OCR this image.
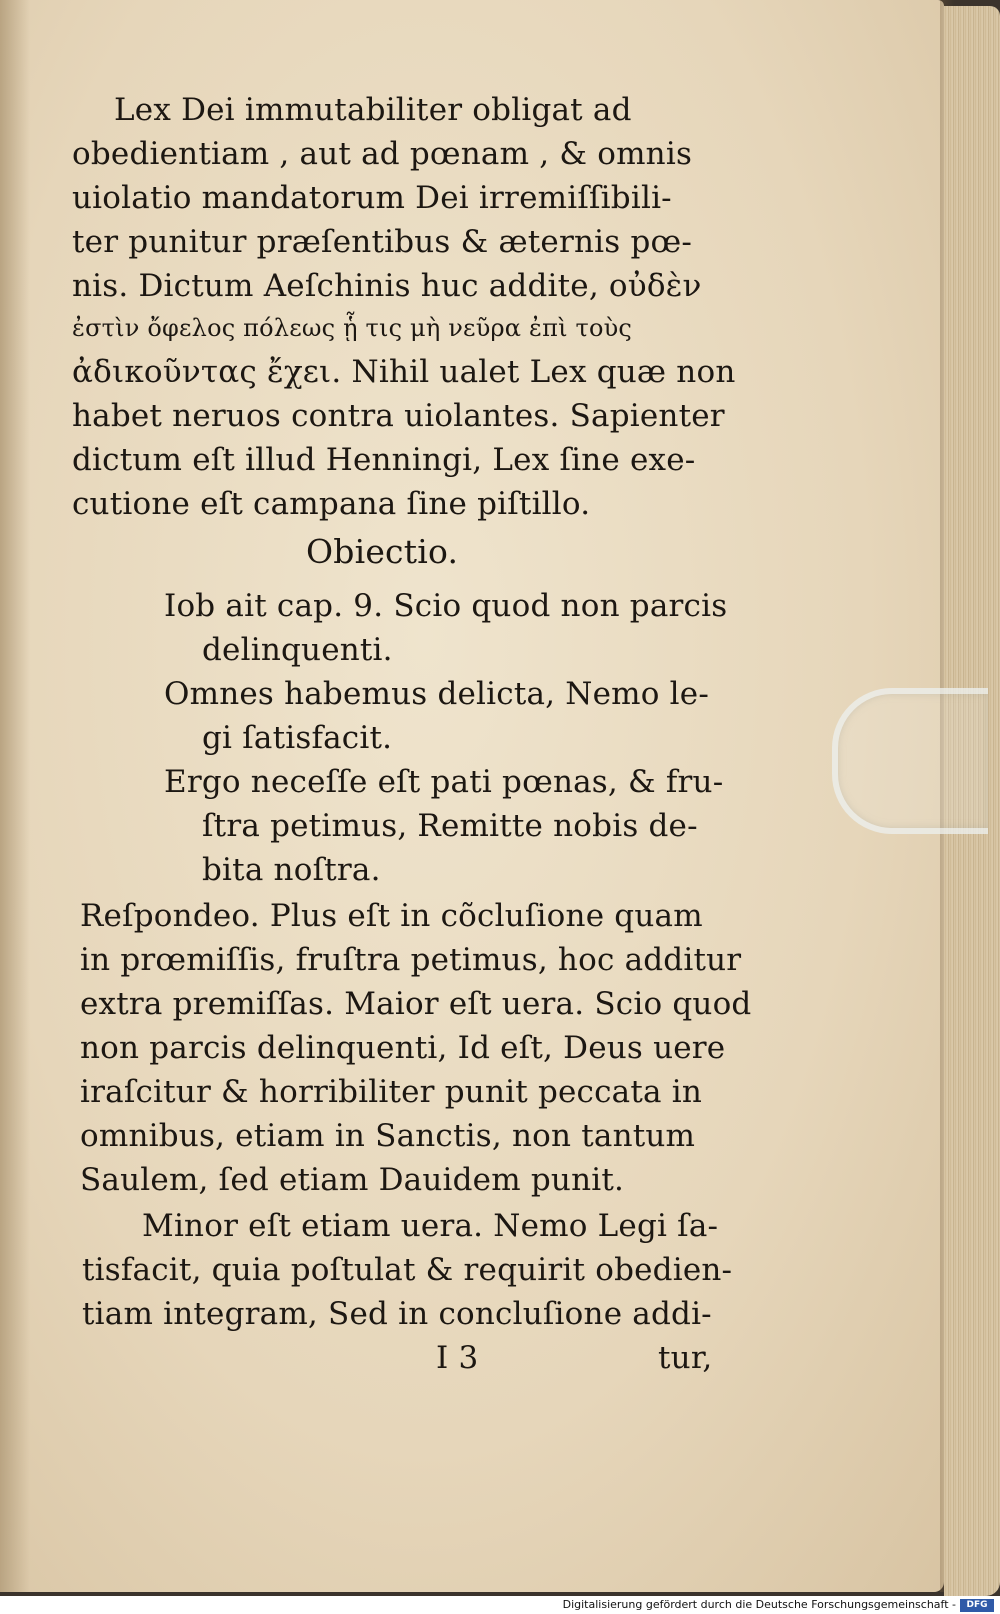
Lex Dei immutabiliter obligat ad
obedientiam , aut ad pœnam , & omnis
uiolatio mandatorum Dei irremiſſibili-
ter punitur præſentibus & æternis pœ-
nis. Dictum Aeſchinis huc addite, οὐδὲν
ἐστὶν ὄφελος πόλεως ᾗ τις μὴ νεῦρα ἐπὶ τοὺς
ἀδικοῦντας ἔχει. Nihil ualet Lex quæ non
habet neruos contra uiolantes. Sapienter
dictum eſt illud Henningi, Lex ſine exe-
cutione eſt campana ſine piſtillo.
Obiectio.
Iob ait cap. 9. Scio quod non parcis
delinquenti.
Omnes habemus delicta, Nemo le-
gi ſatisfacit.
Ergo neceſſe eſt pati pœnas, & fru-
ſtra petimus, Remitte nobis de-
bita noſtra.
Reſpondeo. Plus eſt in cõcluſione quam
in prœmiſſis, fruſtra petimus, hoc additur
extra premiſſas. Maior eſt uera. Scio quod
non parcis delinquenti, Id eſt, Deus uere
iraſcitur & horribiliter punit peccata in
omnibus, etiam in Sanctis, non tantum
Saulem, ſed etiam Dauidem punit.
Minor eſt etiam uera. Nemo Legi ſa-
tisfacit, quia poſtulat & requirit obedien-
tiam integram, Sed in concluſione addi-
I 3	tur,
Digitalisierung gefördert durch die Deutsche Forschungsgemeinschaft -	DFG
